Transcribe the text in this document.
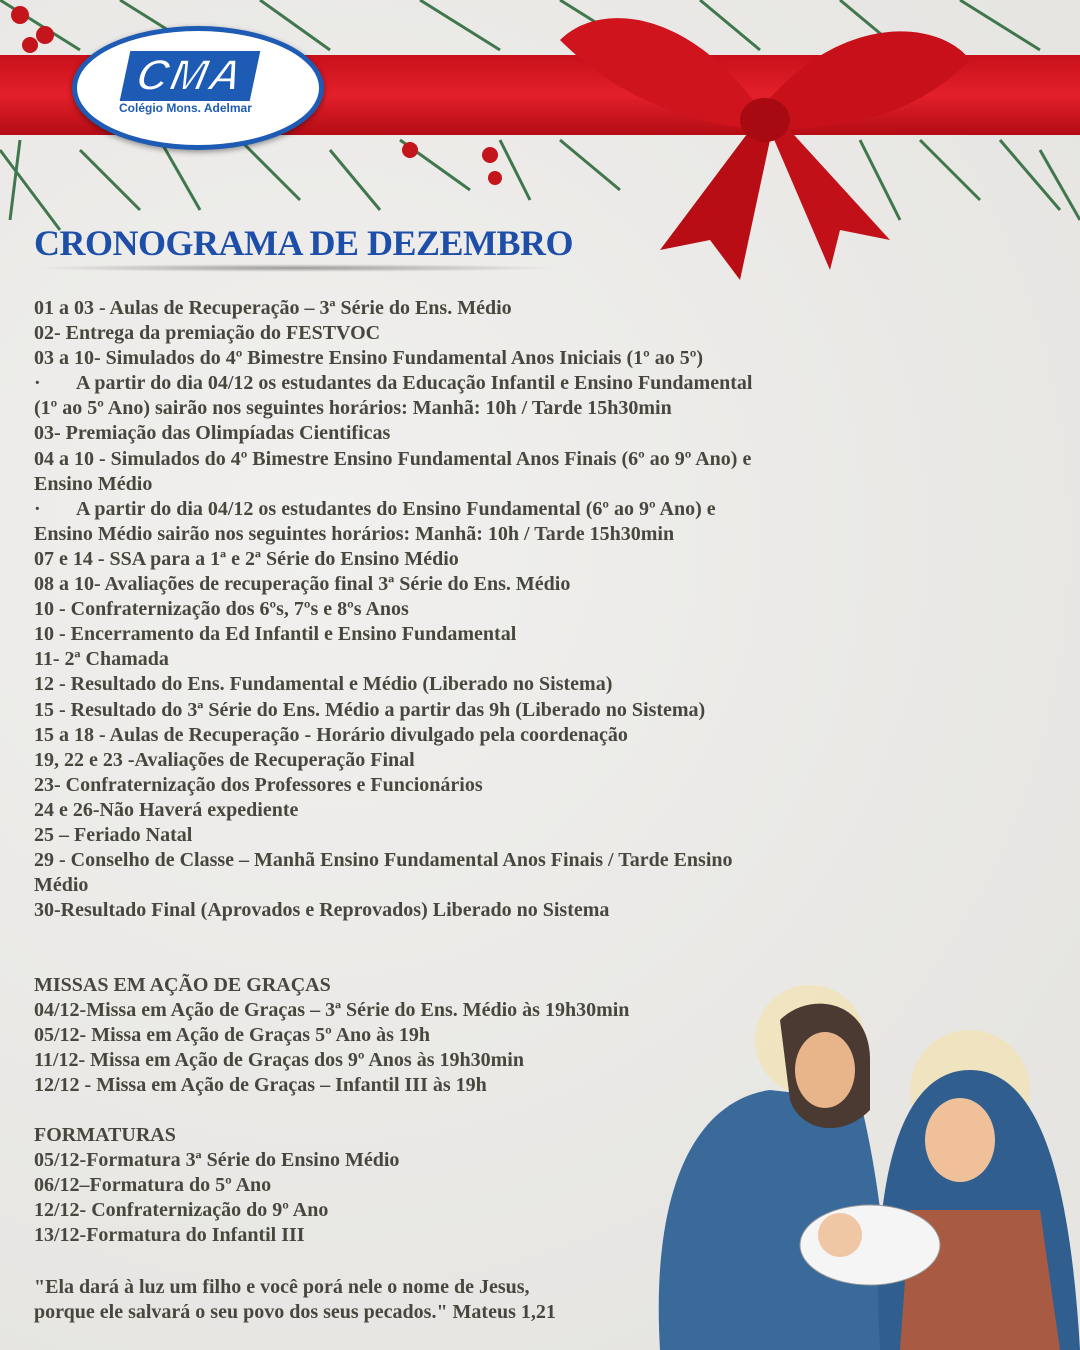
CMA
Colégio Mons. Adelmar
CRONOGRAMA DE DEZEMBRO
01 a 03 - Aulas de Recuperação – 3ª Série do Ens. Médio
02- Entrega da premiação do FESTVOC
03 a 10- Simulados do 4º Bimestre Ensino Fundamental Anos Iniciais (1º ao 5º)
· A partir do dia 04/12 os estudantes da Educação Infantil e Ensino Fundamental
(1º ao 5º Ano) sairão nos seguintes horários: Manhã: 10h / Tarde 15h30min
03- Premiação das Olimpíadas Cientificas
04 a 10 - Simulados do 4º Bimestre Ensino Fundamental Anos Finais (6º ao 9º Ano) e
Ensino Médio
· A partir do dia 04/12 os estudantes do Ensino Fundamental (6º ao 9º Ano) e
Ensino Médio sairão nos seguintes horários: Manhã: 10h / Tarde 15h30min
07 e 14 - SSA para a 1ª e 2ª Série do Ensino Médio
08 a 10- Avaliações de recuperação final 3ª Série do Ens. Médio
10 - Confraternização dos 6ºs, 7ºs e 8ºs Anos
10 - Encerramento da Ed Infantil e Ensino Fundamental
11- 2ª Chamada
12 - Resultado do Ens. Fundamental e Médio (Liberado no Sistema)
15 - Resultado do 3ª Série do Ens. Médio a partir das 9h (Liberado no Sistema)
15 a 18 - Aulas de Recuperação - Horário divulgado pela coordenação
19, 22 e 23 -Avaliações de Recuperação Final
23- Confraternização dos Professores e Funcionários
24 e 26-Não Haverá expediente
25 – Feriado Natal
29 - Conselho de Classe – Manhã Ensino Fundamental Anos Finais / Tarde Ensino
Médio
30-Resultado Final (Aprovados e Reprovados) Liberado no Sistema
MISSAS EM AÇÃO DE GRAÇAS
04/12-Missa em Ação de Graças – 3ª Série do Ens. Médio às 19h30min
05/12- Missa em Ação de Graças 5º Ano às 19h
11/12- Missa em Ação de Graças dos 9º Anos às 19h30min
12/12 - Missa em Ação de Graças – Infantil III às 19h
FORMATURAS
05/12-Formatura 3ª Série do Ensino Médio
06/12–Formatura do 5º Ano
12/12- Confraternização do 9º Ano
13/12-Formatura do Infantil III
"Ela dará à luz um filho e você porá nele o nome de Jesus,
porque ele salvará o seu povo dos seus pecados." Mateus 1,21
